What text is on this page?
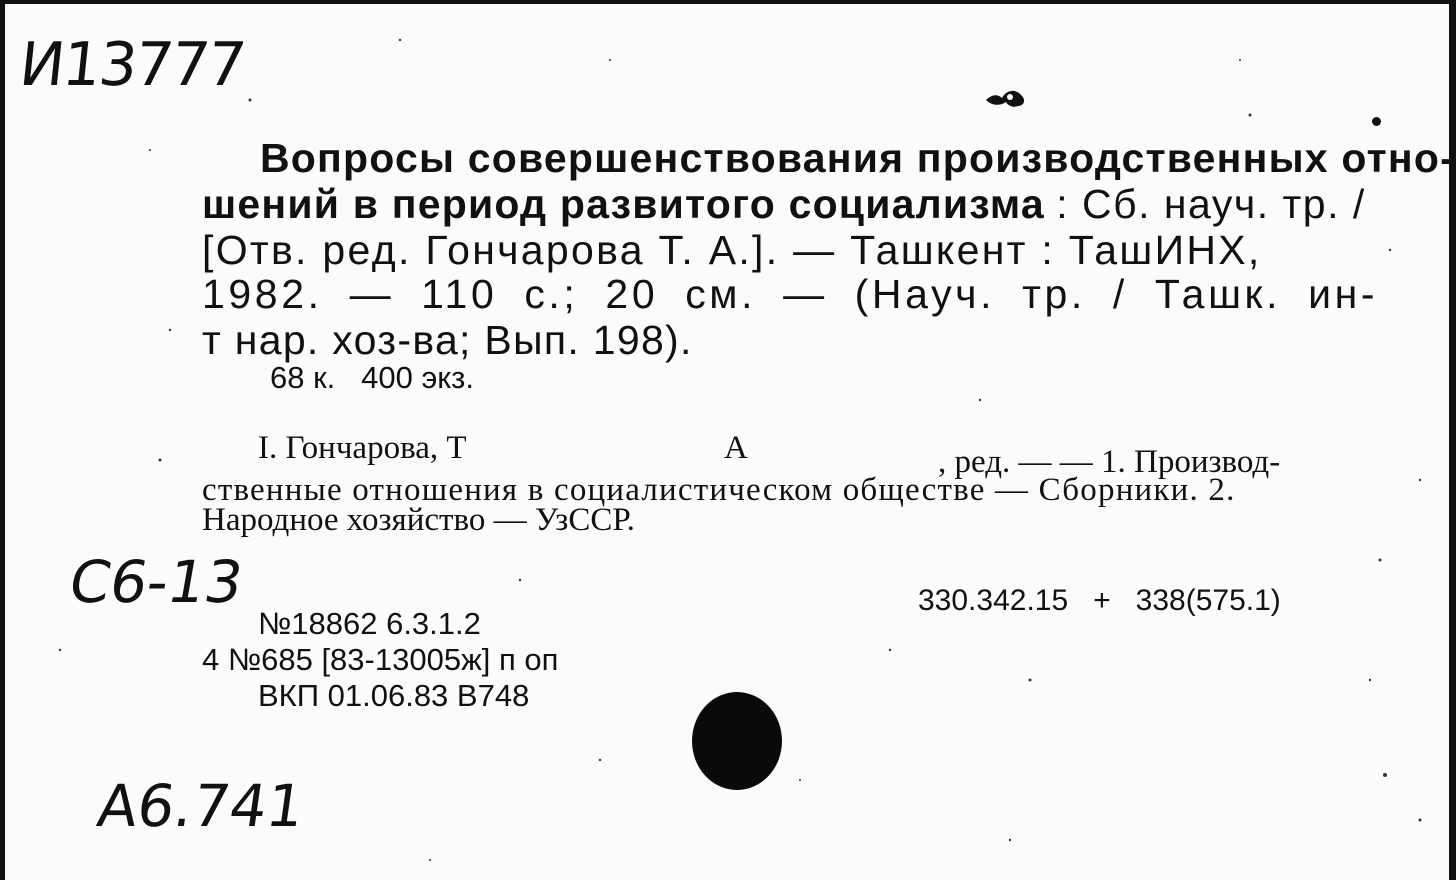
И13777
Вопросы совершенствования производственных отно-
шений в период развитого социализма : Сб. науч. тр. /
[Отв. ред. Гончарова Т. А.]. — Ташкент : ТашИНХ,
1982. — 110 с.; 20 см. — (Науч. тр. / Ташк. ин-
т нар. хоз-ва; Вып. 198).
68 к.   400 экз.
I. Гончарова, Т	А	, ред. — — 1. Производ-
ственные отношения в социалистическом обществе — Сборники. 2.
Народное хозяйство — УзССР.
С6-13	330.342.15   +   338(575.1)
№18862 6.3.1.2
4 №685 [83-13005ж] п оп
ВКП 01.06.83 В748
А6.741
